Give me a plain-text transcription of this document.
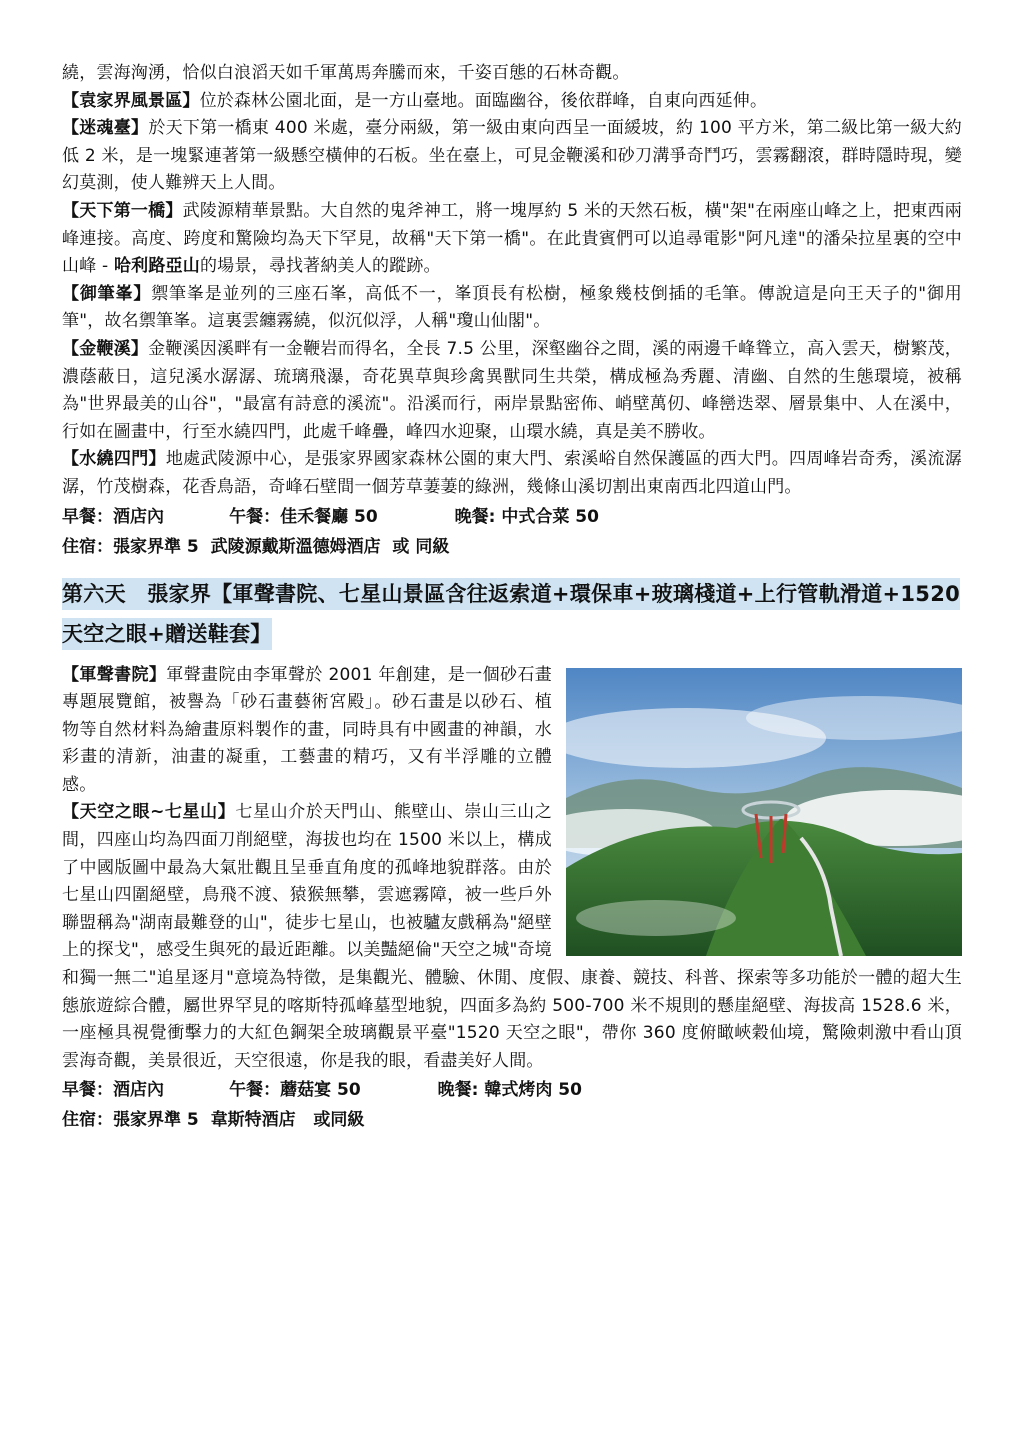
繞，雲海洶湧，恰似白浪滔天如千軍萬馬奔騰而來，千姿百態的石林奇觀。

【袁家界風景區】位於森林公園北面，是一方山臺地。面臨幽谷，後依群峰，自東向西延伸。

【迷魂臺】於天下第一橋東 400 米處，臺分兩級，第一級由東向西呈一面緩坡，約 100 平方米，第二級比第一級大約低 2 米，是一塊緊連著第一級懸空橫伸的石板。坐在臺上，可見金鞭溪和砂刀溝爭奇鬥巧，雲霧翻滾，群時隱時現，變幻莫測，使人難辨天上人間。

【天下第一橋】武陵源精華景點。大自然的鬼斧神工，將一塊厚約 5 米的天然石板，橫"架"在兩座山峰之上，把東西兩峰連接。高度、跨度和驚險均為天下罕見，故稱"天下第一橋"。在此貴賓們可以追尋電影"阿凡達"的潘朵拉星裏的空中山峰 - 哈利路亞山的場景，尋找著納美人的蹤跡。

【御筆峯】禦筆峯是並列的三座石峯，高低不一，峯頂長有松樹，極象幾枝倒插的毛筆。傳說這是向王天子的"御用筆"，故名禦筆峯。這裏雲纏霧繞，似沉似浮，人稱"瓊山仙閣"。

【金鞭溪】金鞭溪因溪畔有一金鞭岩而得名，全長 7.5 公里，深壑幽谷之間，溪的兩邊千峰聳立，高入雲天，樹繁茂，濃蔭蔽日，這兒溪水潺潺、琉璃飛瀑，奇花異草與珍禽異獸同生共榮，構成極為秀麗、清幽、自然的生態環境，被稱為"世界最美的山谷"，"最富有詩意的溪流"。沿溪而行，兩岸景點密佈、峭壁萬仞、峰巒迭翠、層景集中、人在溪中，行如在圖畫中，行至水繞四門，此處千峰疊，峰四水迎聚，山環水繞，真是美不勝收。

【水繞四門】地處武陵源中心，是張家界國家森林公園的東大門、索溪峪自然保護區的西大門。四周峰岩奇秀，溪流潺潺，竹茂樹森，花香鳥語，奇峰石壁間一個芳草萋萋的綠洲，幾條山溪切割出東南西北四道山門。

早餐：酒店內	午餐：佳禾餐廳 50	晚餐: 中式合菜 50
住宿：張家界準 5  武陵源戴斯溫德姆酒店  或 同級
第六天　張家界【軍聲書院、七星山景區含往返索道+環保車+玻璃棧道+上行管軌滑道+1520 天空之眼+贈送鞋套】

【軍聲書院】軍聲畫院由李軍聲於 2001 年創建，是一個砂石畫專題展覽館，被譽為「砂石畫藝術宮殿」。砂石畫是以砂石、植物等自然材料為繪畫原料製作的畫，同時具有中國畫的神韻，水彩畫的清新，油畫的凝重，工藝畫的精巧，又有半浮雕的立體感。

【天空之眼~七星山】七星山介於天門山、熊壁山、崇山三山之間，四座山均為四面刀削絕壁，海拔也均在 1500 米以上，構成了中國版圖中最為大氣壯觀且呈垂直角度的孤峰地貌群落。由於七星山四圍絕壁，鳥飛不渡、猿猴無攀，雲遮霧障，被一些戶外聯盟稱為"湖南最難登的山"，徒步七星山，也被驢友戲稱為"絕壁上的探戈"，感受生與死的最近距離。以美豔絕倫"天空之城"奇境和獨一無二"追星逐月"意境為特徵，是集觀光、體驗、休閒、度假、康養、競技、科普、探索等多功能於一體的超大生態旅遊綜合體，屬世界罕見的喀斯特孤峰墓型地貌，四面多為約 500-700 米不規則的懸崖絕壁、海拔高 1528.6 米，一座極具視覺衝擊力的大紅色鋼架全玻璃觀景平臺"1520 天空之眼"，帶你 360 度俯瞰峽穀仙境，驚險刺激中看山頂雲海奇觀，美景很近，天空很遠，你是我的眼，看盡美好人間。

早餐：酒店內	午餐：蘑菇宴 50	晚餐: 韓式烤肉 50
住宿：張家界準 5  韋斯特酒店   或同級
